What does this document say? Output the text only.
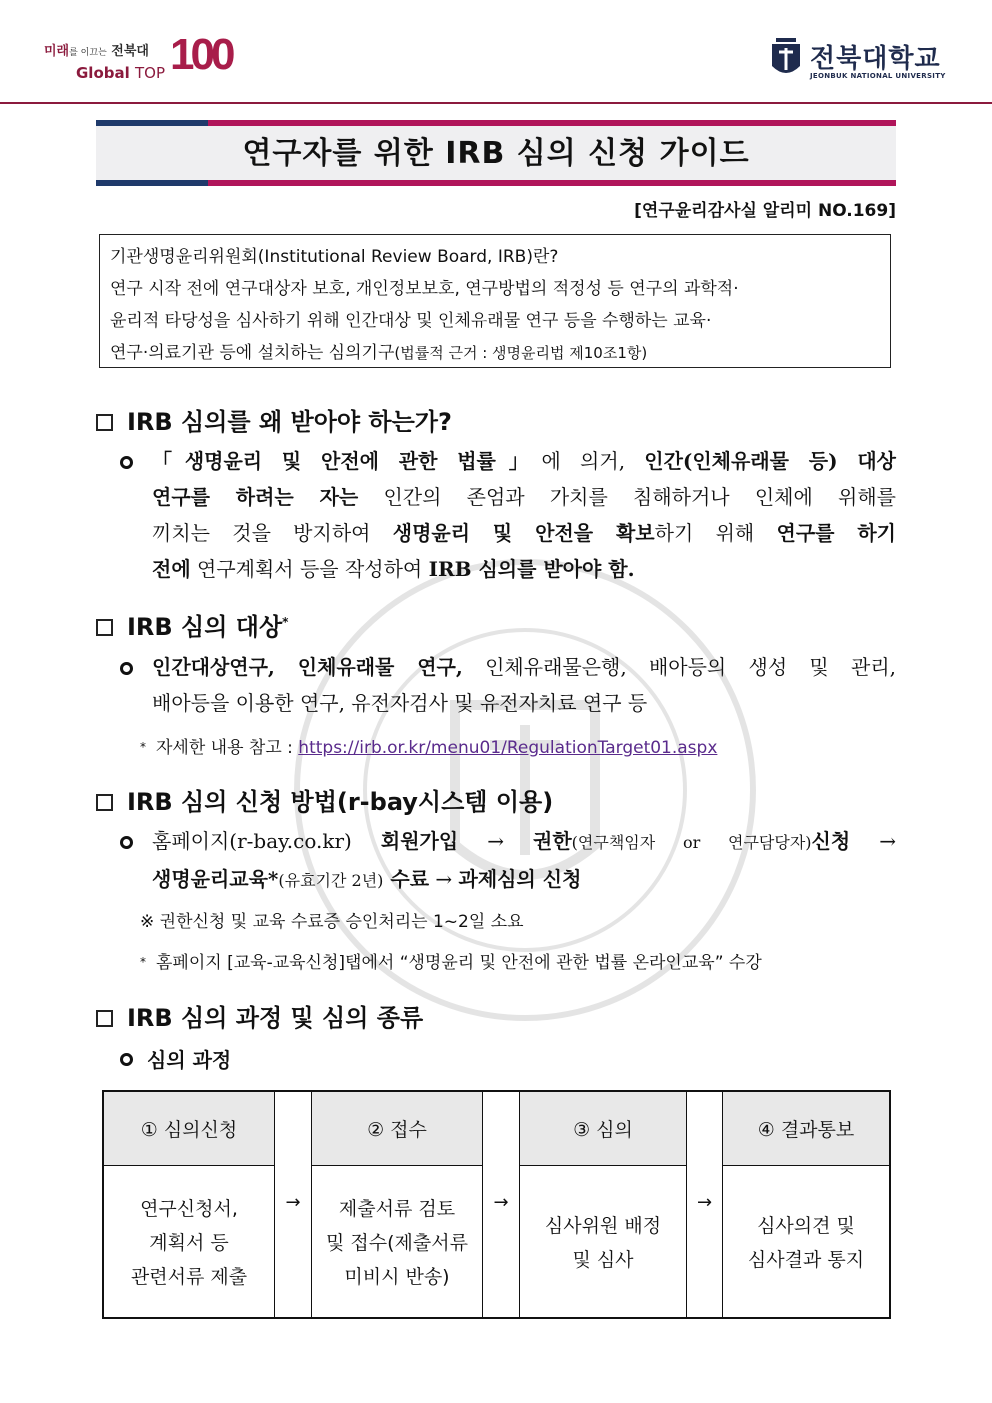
미래를 이끄는 전북대
Global TOP 100	전북대학교
JEONBUK NATIONAL UNIVERSITY
연구자를 위한 IRB 심의 신청 가이드
[연구윤리감사실 알리미 NO.169]
기관생명윤리위원회(Institutional Review Board, IRB)란?
연구 시작 전에 연구대상자 보호, 개인정보보호, 연구방법의 적정성 등 연구의 과학적·
윤리적 타당성을 심사하기 위해 인간대상 및 인체유래물 연구 등을 수행하는 교육·
연구·의료기관 등에 설치하는 심의기구(법률적 근거 : 생명윤리법 제10조1항)
IRB 심의를 왜 받아야 하는가?
「생명윤리 및 안전에 관한 법률」에 의거, 인간(인체유래물 등) 대상
연구를 하려는 자는 인간의 존엄과 가치를 침해하거나 인체에 위해를
끼치는 것을 방지하여 생명윤리 및 안전을 확보하기 위해 연구를 하기
전에 연구계획서 등을 작성하여 IRB 심의를 받아야 함.
IRB 심의 대상*
인간대상연구, 인체유래물 연구, 인체유래물은행, 배아등의 생성 및 관리,
배아등을 이용한 연구, 유전자검사 및 유전자치료 연구 등
* 자세한 내용 참고 : https://irb.or.kr/menu01/RegulationTarget01.aspx
IRB 심의 신청 방법(r-bay시스템 이용)
홈페이지(r-bay.co.kr) 회원가입 → 권한(연구책임자 or 연구담당자)신청 →
생명윤리교육*(유효기간 2년) 수료 → 과제심의 신청
※ 권한신청 및 교육 수료증 승인처리는 1~2일 소요
* 홈페이지 [교육-교육신청]탭에서 “생명윤리 및 안전에 관한 법률 온라인교육” 수강
IRB 심의 과정 및 심의 종류
심의 과정
① 심의신청
연구신청서,
계획서 등
관련서류 제출
→
② 접수
제출서류 검토
및 접수(제출서류
미비시 반송)
→
③ 심의
심사위원 배정
및 심사
→
④ 결과통보
심사의견 및
심사결과 통지
